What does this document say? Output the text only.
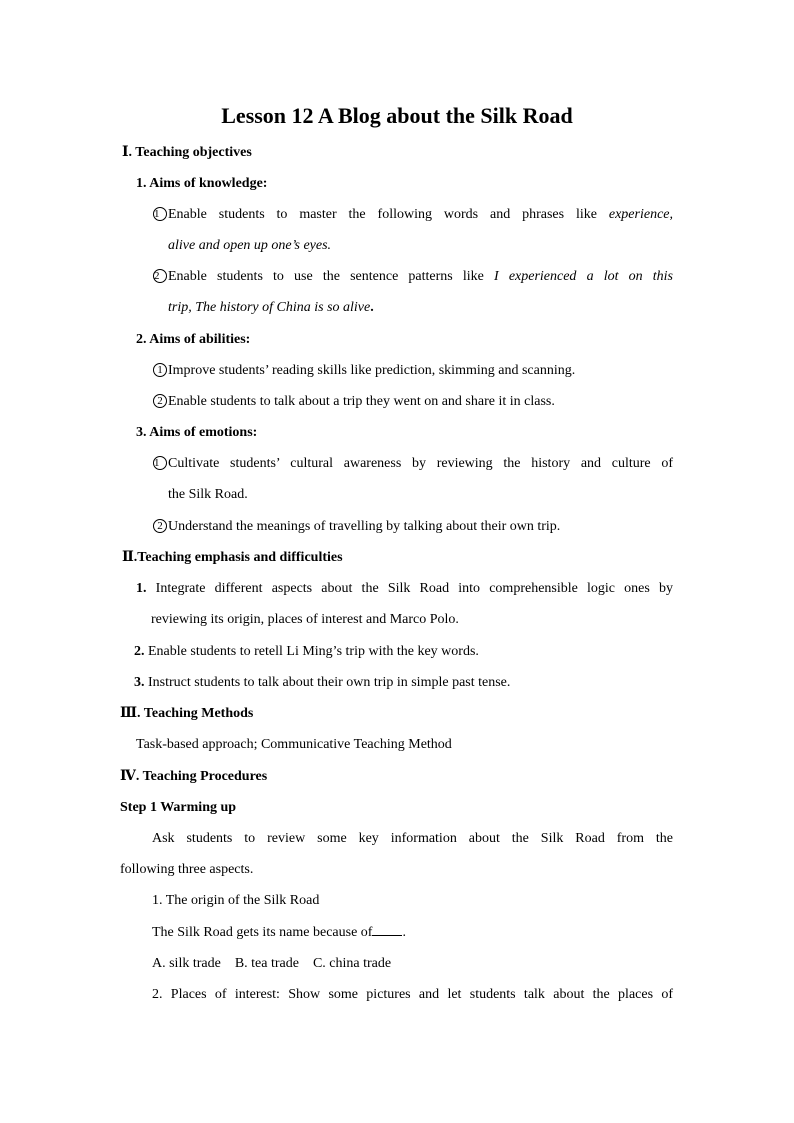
Lesson 12 A Blog about the Silk Road
Ⅰ. Teaching objectives
1. Aims of knowledge:
1 Enable students to master the following words and phrases like experience,
alive and open up one’s eyes.
2 Enable students to use the sentence patterns like I experienced a lot on this
trip, The history of China is so alive.
2. Aims of abilities:
1 Improve students’ reading skills like prediction, skimming and scanning.
2 Enable students to talk about a trip they went on and share it in class.
3. Aims of emotions:
1 Cultivate students’ cultural awareness by reviewing the history and culture of
the Silk Road.
2 Understand the meanings of travelling by talking about their own trip.
Ⅱ.Teaching emphasis and difficulties
1. Integrate different aspects about the Silk Road into comprehensible logic ones by
reviewing its origin, places of interest and Marco Polo.
2. Enable students to retell Li Ming’s trip with the key words.
3. Instruct students to talk about their own trip in simple past tense.
Ⅲ. Teaching Methods
Task-based approach; Communicative Teaching Method
Ⅳ. Teaching Procedures
Step 1 Warming up
Ask students to review some key information about the Silk Road from the
following three aspects.
1. The origin of the Silk Road
The Silk Road gets its name because of .
A. silk trade    B. tea trade    C. china trade
2. Places of interest: Show some pictures and let students talk about the places of
